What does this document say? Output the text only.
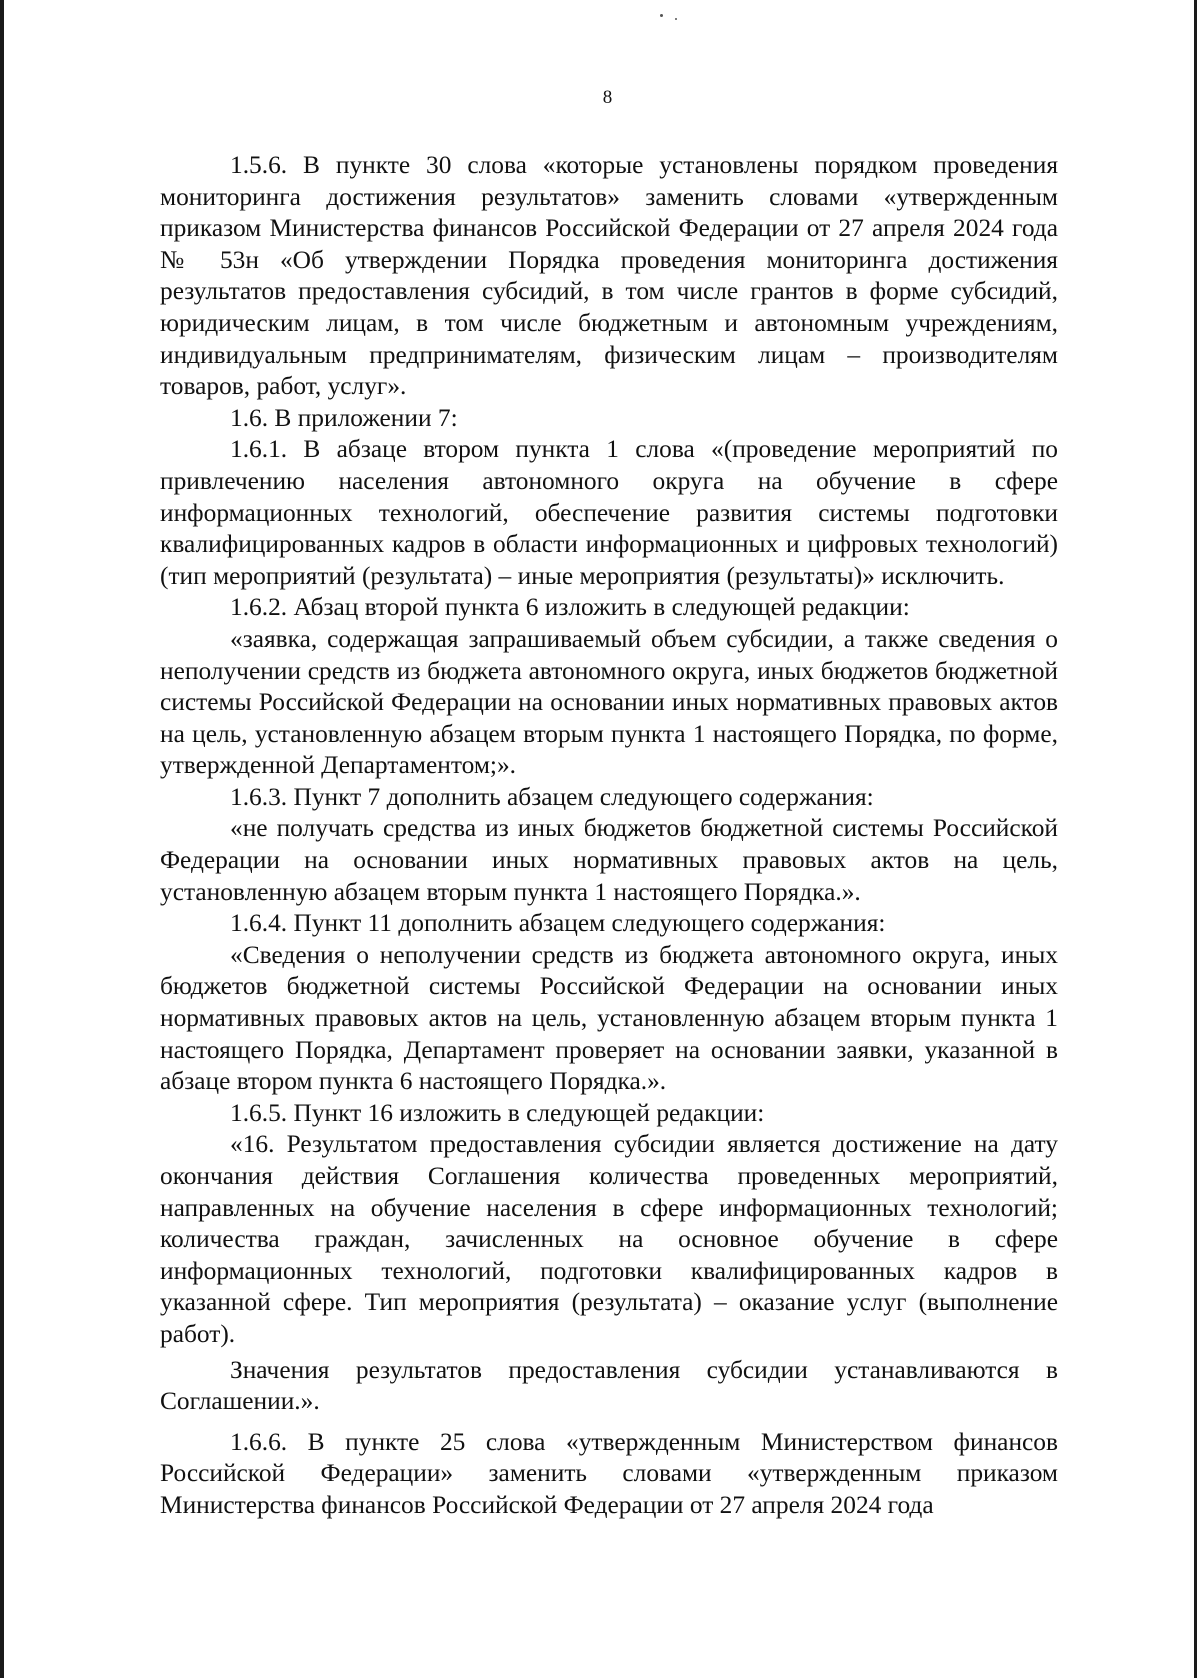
8

1.5.6. В пункте 30 слова «которые установлены порядком проведения мониторинга достижения результатов» заменить словами «утвержденным приказом Министерства финансов Российской Федерации от 27 апреля 2024 года № 53н «Об утверждении Порядка проведения мониторинга достижения результатов предоставления субсидий, в том числе грантов в форме субсидий, юридическим лицам, в том числе бюджетным и автономным учреждениям, индивидуальным предпринимателям, физическим лицам – производителям товаров, работ, услуг».

1.6. В приложении 7:

1.6.1. В абзаце втором пункта 1 слова «(проведение мероприятий по привлечению населения автономного округа на обучение в сфере информационных технологий, обеспечение развития системы подготовки квалифицированных кадров в области информационных и цифровых технологий) (тип мероприятий (результата) – иные мероприятия (результаты)» исключить.

1.6.2. Абзац второй пункта 6 изложить в следующей редакции:

«заявка, содержащая запрашиваемый объем субсидии, а также сведения о неполучении средств из бюджета автономного округа, иных бюджетов бюджетной системы Российской Федерации на основании иных нормативных правовых актов на цель, установленную абзацем вторым пункта 1 настоящего Порядка, по форме, утвержденной Департаментом;».

1.6.3. Пункт 7 дополнить абзацем следующего содержания:

«не получать средства из иных бюджетов бюджетной системы Российской Федерации на основании иных нормативных правовых актов на цель, установленную абзацем вторым пункта 1 настоящего Порядка.».

1.6.4. Пункт 11 дополнить абзацем следующего содержания:

«Сведения о неполучении средств из бюджета автономного округа, иных бюджетов бюджетной системы Российской Федерации на основании иных нормативных правовых актов на цель, установленную абзацем вторым пункта 1 настоящего Порядка, Департамент проверяет на основании заявки, указанной в абзаце втором пункта 6 настоящего Порядка.».

1.6.5. Пункт 16 изложить в следующей редакции:

«16. Результатом предоставления субсидии является достижение на дату окончания действия Соглашения количества проведенных мероприятий, направленных на обучение населения в сфере информационных технологий; количества граждан, зачисленных на основное обучение в сфере информационных технологий, подготовки квалифицированных кадров в указанной сфере. Тип мероприятия (результата) – оказание услуг (выполнение работ).

Значения результатов предоставления субсидии устанавливаются в Соглашении.».

1.6.6. В пункте 25 слова «утвержденным Министерством финансов Российской Федерации» заменить словами «утвержденным приказом Министерства финансов Российской Федерации от 27 апреля 2024 года
